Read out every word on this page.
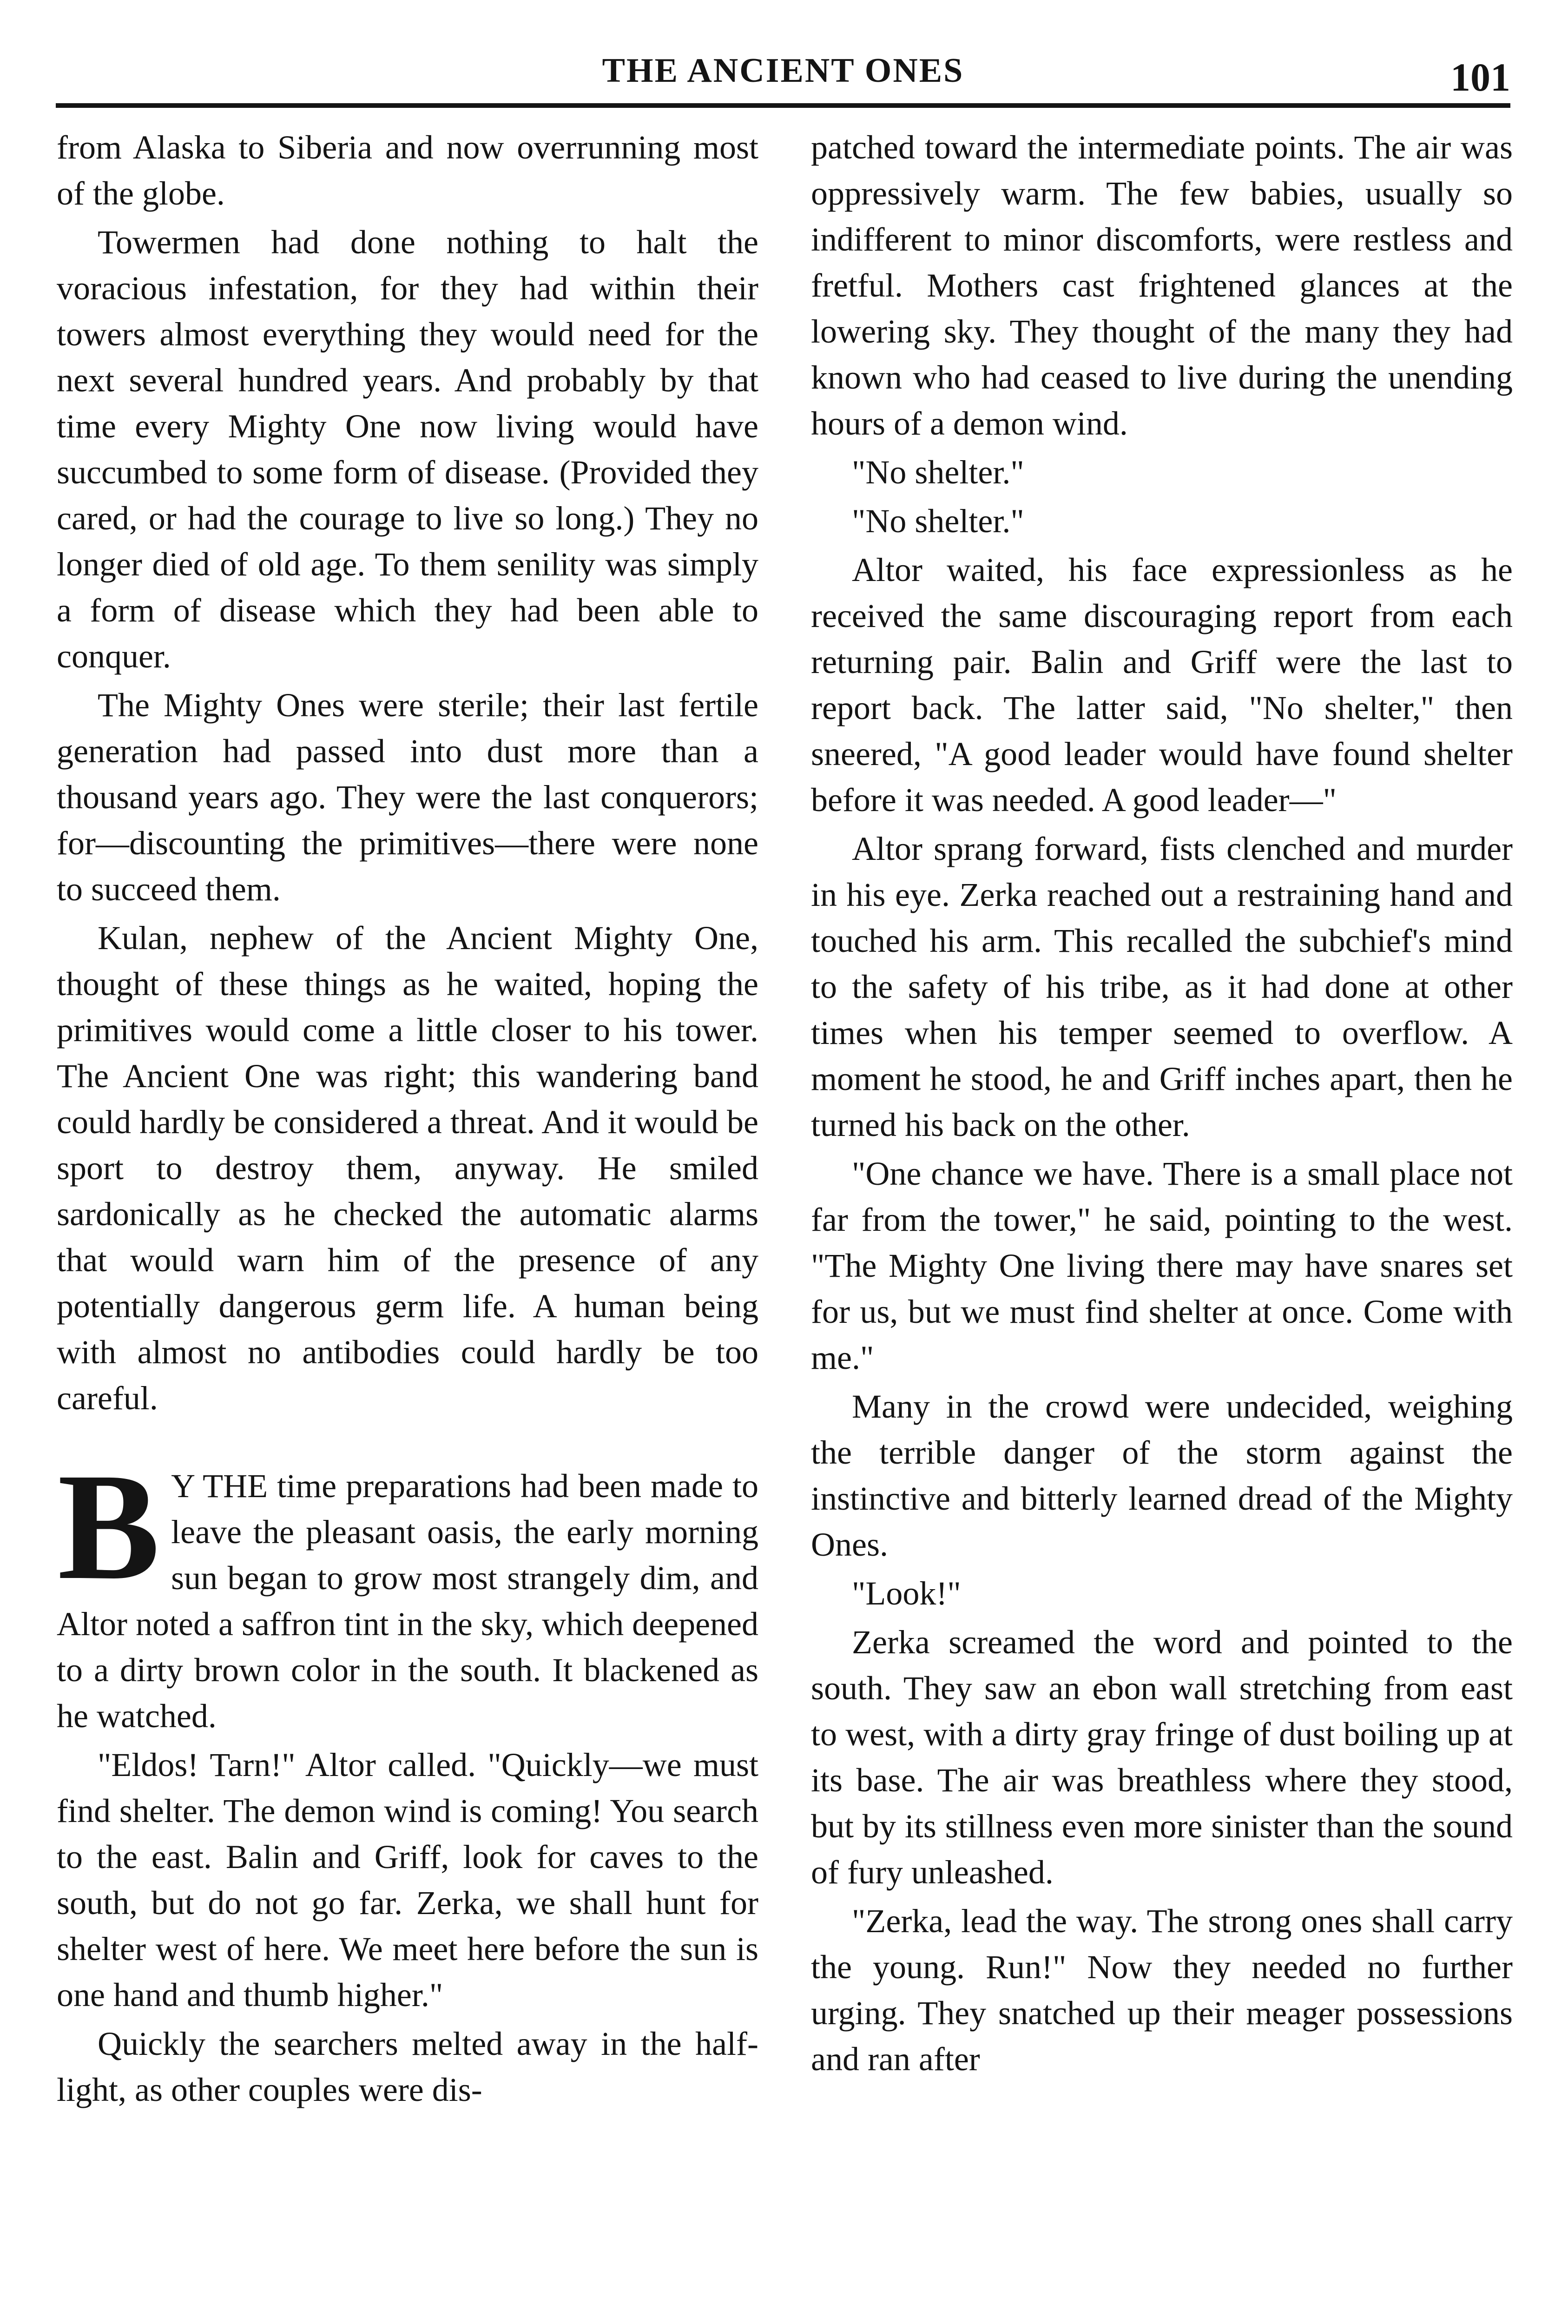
THE ANCIENT ONES	101

from Alaska to Siberia and now overrunning most of the globe.

Towermen had done nothing to halt the voracious infestation, for they had within their towers almost everything they would need for the next several hundred years. And probably by that time every Mighty One now living would have succumbed to some form of disease. (Provided they cared, or had the courage to live so long.) They no longer died of old age. To them senility was simply a form of disease which they had been able to conquer.

The Mighty Ones were sterile; their last fertile generation had passed into dust more than a thousand years ago. They were the last conquerors; for—discounting the primitives—there were none to succeed them.

Kulan, nephew of the Ancient Mighty One, thought of these things as he waited, hoping the primitives would come a little closer to his tower. The Ancient One was right; this wandering band could hardly be considered a threat. And it would be sport to destroy them, anyway. He smiled sardonically as he checked the automatic alarms that would warn him of the presence of any potentially dangerous germ life. A human being with almost no antibodies could hardly be too careful.

B Y THE time preparations had been made to leave the pleasant oasis, the early morning sun began to grow most strangely dim, and Altor noted a saffron tint in the sky, which deepened to a dirty brown color in the south. It blackened as he watched.

"Eldos! Tarn!" Altor called. "Quickly—we must find shelter. The demon wind is coming! You search to the east. Balin and Griff, look for caves to the south, but do not go far. Zerka, we shall hunt for shelter west of here. We meet here before the sun is one hand and thumb higher."

Quickly the searchers melted away in the half-light, as other couples were dis-

patched toward the intermediate points. The air was oppressively warm. The few babies, usually so indifferent to minor discomforts, were restless and fretful. Mothers cast frightened glances at the lowering sky. They thought of the many they had known who had ceased to live during the unending hours of a demon wind.

"No shelter."

"No shelter."

Altor waited, his face expressionless as he received the same discouraging report from each returning pair. Balin and Griff were the last to report back. The latter said, "No shelter," then sneered, "A good leader would have found shelter before it was needed. A good leader—"

Altor sprang forward, fists clenched and murder in his eye. Zerka reached out a restraining hand and touched his arm. This recalled the subchief's mind to the safety of his tribe, as it had done at other times when his temper seemed to overflow. A moment he stood, he and Griff inches apart, then he turned his back on the other.

"One chance we have. There is a small place not far from the tower," he said, pointing to the west. "The Mighty One living there may have snares set for us, but we must find shelter at once. Come with me."

Many in the crowd were undecided, weighing the terrible danger of the storm against the instinctive and bitterly learned dread of the Mighty Ones.

"Look!"

Zerka screamed the word and pointed to the south. They saw an ebon wall stretching from east to west, with a dirty gray fringe of dust boiling up at its base. The air was breathless where they stood, but by its stillness even more sinister than the sound of fury unleashed.

"Zerka, lead the way. The strong ones shall carry the young. Run!" Now they needed no further urging. They snatched up their meager possessions and ran after
